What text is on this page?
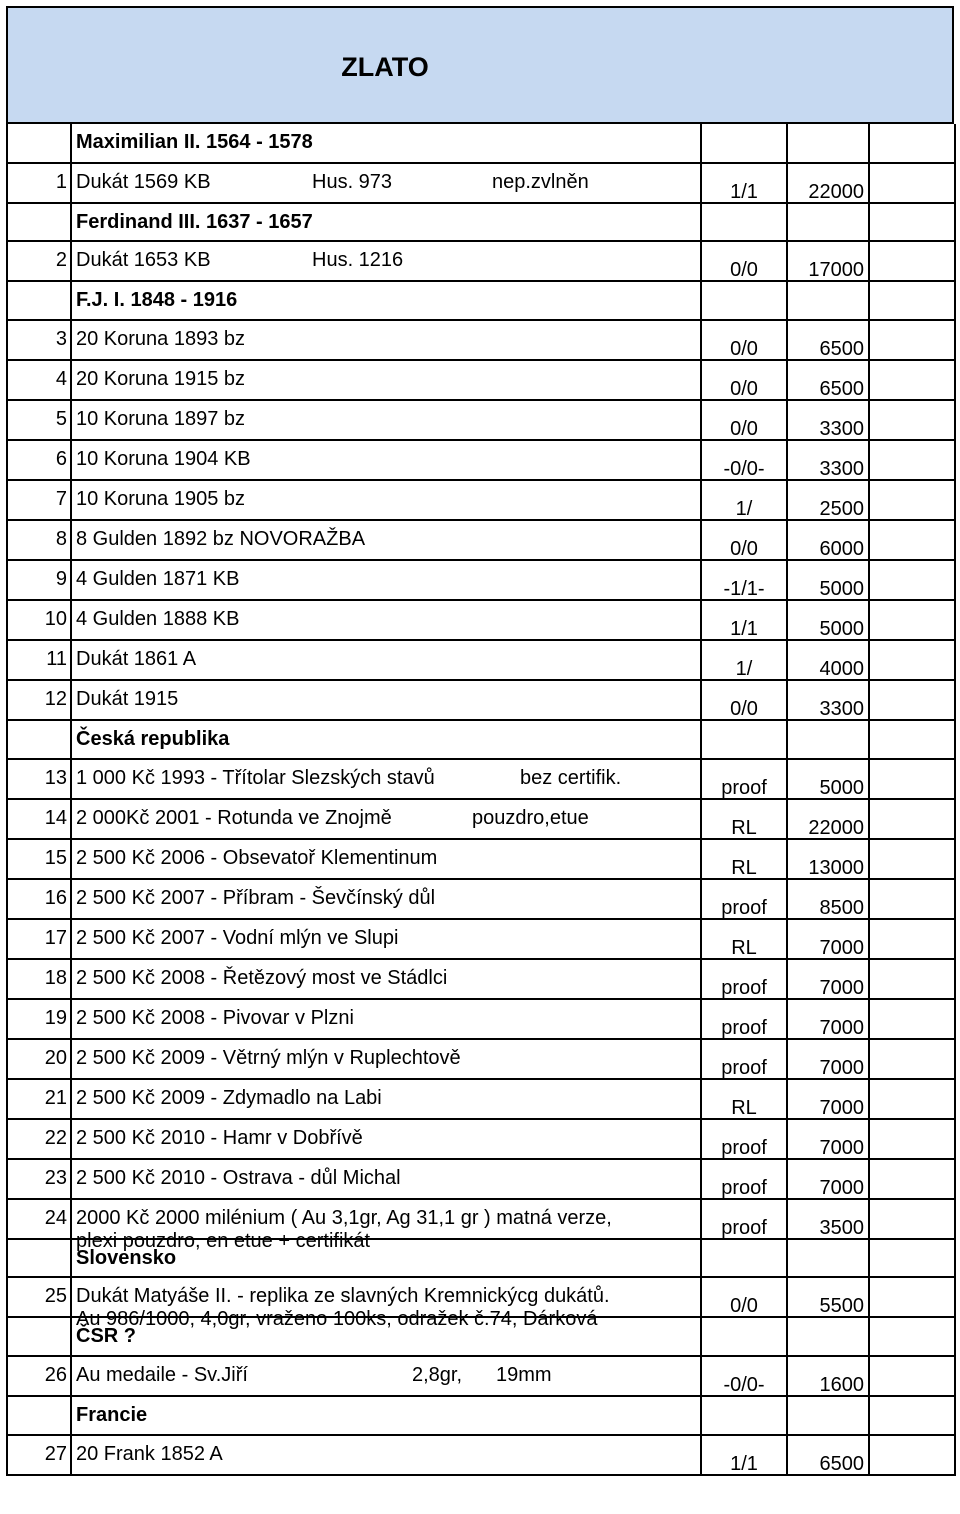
ZLATO
	Maximilian II. 1564 - 1578			
1	Dukát 1569 KB Hus. 973 nep.zvlněn	1/1	22000	
	Ferdinand III. 1637 - 1657			
2	Dukát 1653 KB Hus. 1216	0/0	17000	
	F.J. I. 1848 - 1916			
3	20 Koruna 1893 bz	0/0	6500	
4	20 Koruna 1915 bz	0/0	6500	
5	10 Koruna 1897 bz	0/0	3300	
6	10 Koruna 1904 KB	-0/0-	3300	
7	10 Koruna 1905 bz	1/	2500	
8	8 Gulden 1892 bz NOVORAŽBA	0/0	6000	
9	4 Gulden 1871 KB	-1/1-	5000	
10	4 Gulden 1888 KB	1/1	5000	
11	Dukát 1861 A	1/	4000	
12	Dukát 1915	0/0	3300	
	Česká republika			
13	1 000 Kč 1993 - Třítolar Slezských stavů bez certifik.	proof	5000	
14	2 000Kč 2001 - Rotunda ve Znojmě pouzdro,etue	RL	22000	
15	2 500 Kč 2006 - Obsevatoř Klementinum	RL	13000	
16	2 500 Kč 2007 - Příbram - Ševčínský důl	proof	8500	
17	2 500 Kč 2007 - Vodní mlýn ve Slupi	RL	7000	
18	2 500 Kč 2008 - Řetězový most ve Stádlci	proof	7000	
19	2 500 Kč 2008 - Pivovar v Plzni	proof	7000	
20	2 500 Kč 2009 - Větrný mlýn v Ruplechtově	proof	7000	
21	2 500 Kč 2009 - Zdymadlo na Labi	RL	7000	
22	2 500 Kč 2010 - Hamr v Dobřívě	proof	7000	
23	2 500 Kč 2010 - Ostrava - důl Michal	proof	7000	
24	2000 Kč 2000 milénium ( Au 3,1gr, Ag 31,1 gr ) matná verze,
plexi pouzdro, en etue + certifikát	proof	3500	
	Slovensko			
25	Dukát Matyáše II. - replika ze slavných Kremnickýcg dukátů.
Au 986/1000, 4,0gr, vraženo 100ks, odražek č.74, Dárková	0/0	5500	
	ČSR ?			
26	Au medaile - Sv.Jiří 2,8gr, 19mm	-0/0-	1600	
	Francie			
27	20 Frank 1852 A	1/1	6500	
